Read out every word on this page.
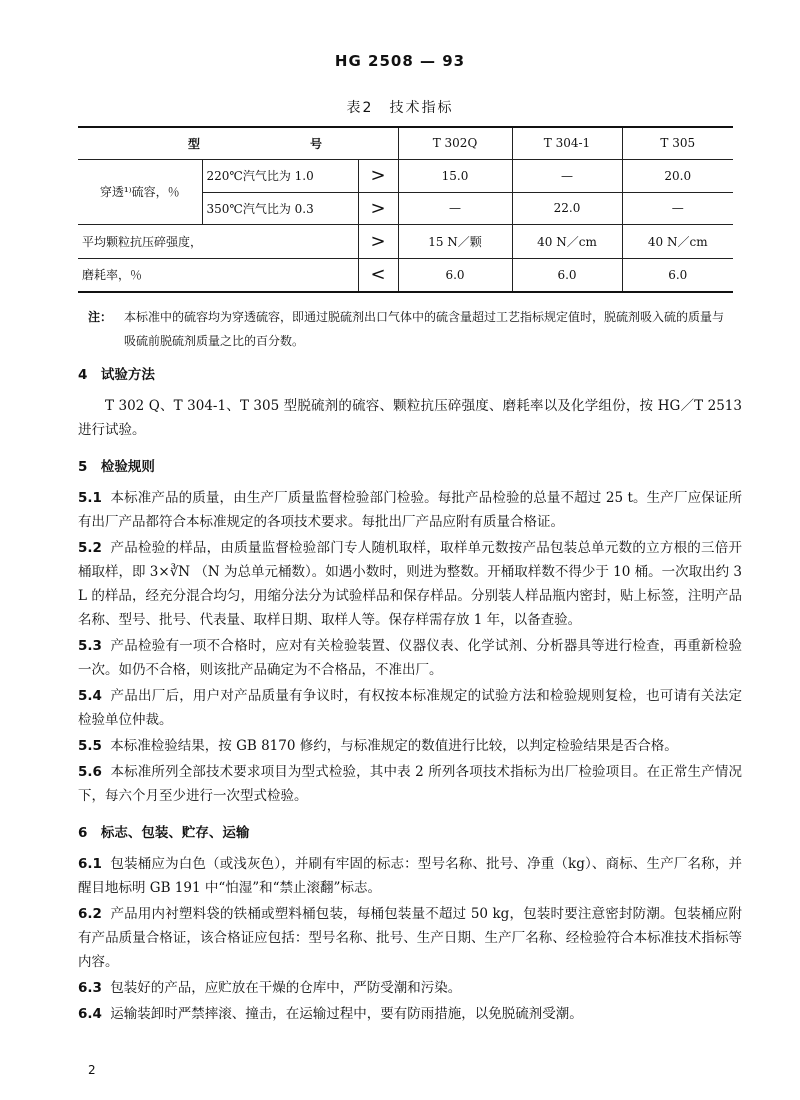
HG 2508 — 93
表2　技术指标
型 号			T 302Q	T 304-1	T 305
穿透¹⁾硫容，％	220℃汽气比为 1.0	>	15.0	—	20.0
	350℃汽气比为 0.3	>	—	22.0	—
平均颗粒抗压碎强度，		>	15 N／颗	40 N／cm	40 N／cm
磨耗率，％		<	6.0	6.0	6.0
注： 本标准中的硫容均为穿透硫容，即通过脱硫剂出口气体中的硫含量超过工艺指标规定值时，脱硫剂吸入硫的质量与吸硫前脱硫剂质量之比的百分数。
4　试验方法

T 302 Q、T 304-1、T 305 型脱硫剂的硫容、颗粒抗压碎强度、磨耗率以及化学组份，按 HG／T 2513 进行试验。

5　检验规则

5.1 本标准产品的质量，由生产厂质量监督检验部门检验。每批产品检验的总量不超过 25 t。生产厂应保证所有出厂产品都符合本标准规定的各项技术要求。每批出厂产品应附有质量合格证。

5.2 产品检验的样品，由质量监督检验部门专人随机取样，取样单元数按产品包装总单元数的立方根的三倍开桶取样，即 3×∛N （N 为总单元桶数）。如遇小数时，则进为整数。开桶取样数不得少于 10 桶。一次取出约 3 L 的样品，经充分混合均匀，用缩分法分为试验样品和保存样品。分别装人样品瓶内密封，贴上标签，注明产品名称、型号、批号、代表量、取样日期、取样人等。保存样需存放 1 年，以备查验。

5.3 产品检验有一项不合格时，应对有关检验装置、仪器仪表、化学试剂、分析器具等进行检查，再重新检验一次。如仍不合格，则该批产品确定为不合格品，不准出厂。

5.4 产品出厂后，用户对产品质量有争议时，有权按本标准规定的试验方法和检验规则复检，也可请有关法定检验单位仲裁。

5.5 本标准检验结果，按 GB 8170 修约，与标准规定的数值进行比较，以判定检验结果是否合格。

5.6 本标准所列全部技术要求项目为型式检验，其中表 2 所列各项技术指标为出厂检验项目。在正常生产情况下，每六个月至少进行一次型式检验。

6　标志、包装、贮存、运输

6.1 包装桶应为白色（或浅灰色），并刷有牢固的标志：型号名称、批号、净重（kg）、商标、生产厂名称，并醒目地标明 GB 191 中“怕湿”和“禁止滚翻”标志。

6.2 产品用内衬塑料袋的铁桶或塑料桶包装，每桶包装量不超过 50 kg，包装时要注意密封防潮。包装桶应附有产品质量合格证，该合格证应包括：型号名称、批号、生产日期、生产厂名称、经检验符合本标准技术指标等内容。

6.3 包装好的产品，应贮放在干燥的仓库中，严防受潮和污染。

6.4 运输装卸时严禁摔滚、撞击，在运输过程中，要有防雨措施，以免脱硫剂受潮。

2
